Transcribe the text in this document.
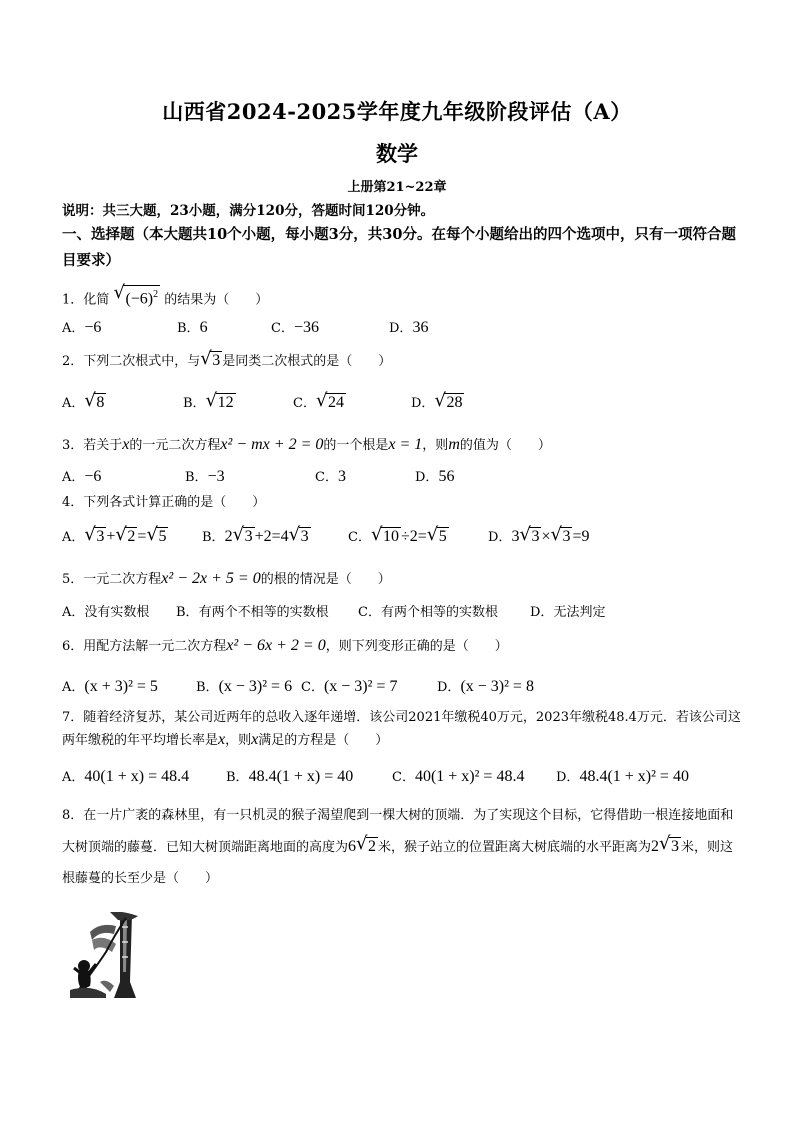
山西省2024-2025学年度九年级阶段评估（A）
数学
上册第21~22章
说明：共三大题，23小题，满分120分，答题时间120分钟。
一、选择题（本大题共10个小题，每小题3分，共30分。在每个小题给出的四个选项中，只有一项符合题目要求）
1．化简 √ $(-6)^2$ 的结果为（　　）
A．−6	B．6	C．−36	D．36
2．下列二次根式中，与 √ 3 是同类二次根式的是（　　）
A． √ 8	B． √ 12	C． √ 24	D． √ 28
3．若关于x的一元二次方程x² − mx + 2 = 0的一个根是x = 1，则m的值为（　　）
A．−6	B．−3	C．3	D．56
4．下列各式计算正确的是（　　）
A． √ 3 + √ 2 = √ 5	B．2 √ 3 +2=4 √ 3	C． √ 10 ÷2= √ 5	D．3 √ 3 × √ 3 =9
5．一元二次方程x² − 2x + 5 = 0的根的情况是（　　）
A．没有实数根 B．有两个不相等的实数根 C．有两个相等的实数根 D．无法判定
6．用配方法解一元二次方程x² − 6x + 2 = 0，则下列变形正确的是（　　）
A．(x + 3)² = 5	B．(x − 3)² = 6 C．(x − 3)² = 7	D．(x − 3)² = 8
7．随着经济复苏，某公司近两年的总收入逐年递增．该公司2021年缴税40万元，2023年缴税48.4万元．若该公司这两年缴税的年平均增长率是x，则x满足的方程是（　　）
A．40(1 + x) = 48.4	B．48.4(1 + x) = 40	C．40(1 + x)² = 48.4 D．48.4(1 + x)² = 40
8．在一片广袤的森林里，有一只机灵的猴子渴望爬到一棵大树的顶端．为了实现这个目标，它得借助一根连接地面和大树顶端的藤蔓．已知大树顶端距离地面的高度为6 √ 2 米，猴子站立的位置距离大树底端的水平距离为2 √ 3 米，则这根藤蔓的长至少是（　　）
